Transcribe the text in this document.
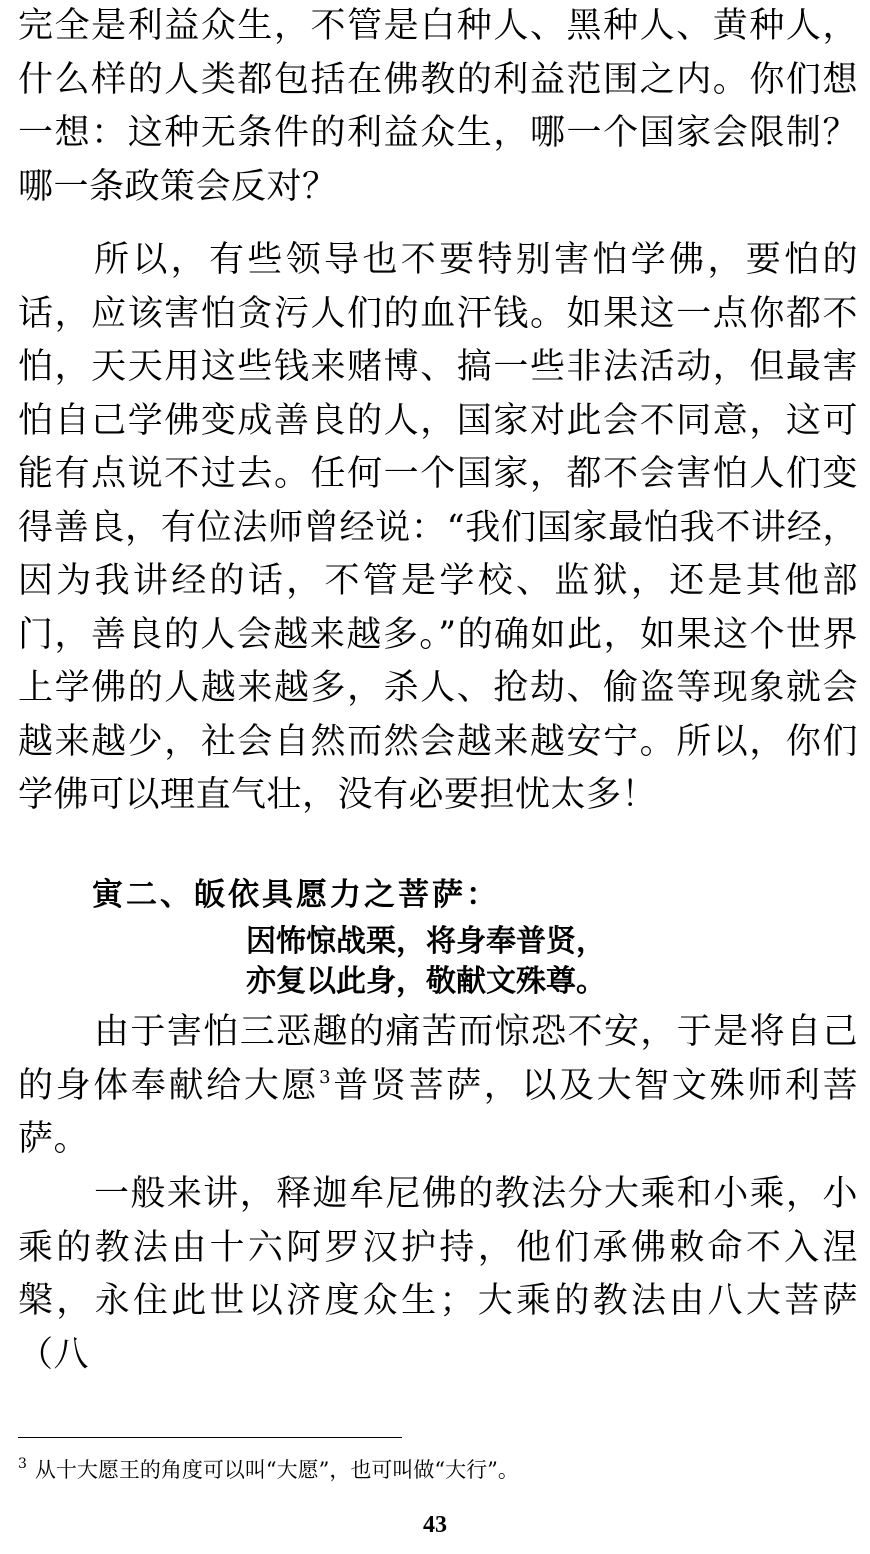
完全是利益众生，不管是白种人、黑种人、黄种人，什么样的人类都包括在佛教的利益范围之内。你们想一想：这种无条件的利益众生，哪一个国家会限制？哪一条政策会反对？

所以，有些领导也不要特别害怕学佛，要怕的话，应该害怕贪污人们的血汗钱。如果这一点你都不怕，天天用这些钱来赌博、搞一些非法活动，但最害怕自己学佛变成善良的人，国家对此会不同意，这可能有点说不过去。任何一个国家，都不会害怕人们变得善良，有位法师曾经说：“我们国家最怕我不讲经，因为我讲经的话，不管是学校、监狱，还是其他部门，善良的人会越来越多。”的确如此，如果这个世界上学佛的人越来越多，杀人、抢劫、偷盗等现象就会越来越少，社会自然而然会越来越安宁。所以，你们学佛可以理直气壮，没有必要担忧太多！

寅二、皈依具愿力之菩萨：

因怖惊战栗，将身奉普贤，

亦复以此身，敬献文殊尊。

由于害怕三恶趣的痛苦而惊恐不安，于是将自己的身体奉献给大愿$^3$普贤菩萨，以及大智文殊师利菩萨。

一般来讲，释迦牟尼佛的教法分大乘和小乘，小乘的教法由十六阿罗汉护持，他们承佛敕命不入涅槃，永住此世以济度众生；大乘的教法由八大菩萨（八

$^3$ 从十大愿王的角度可以叫“大愿”，也可叫做“大行”。

43
